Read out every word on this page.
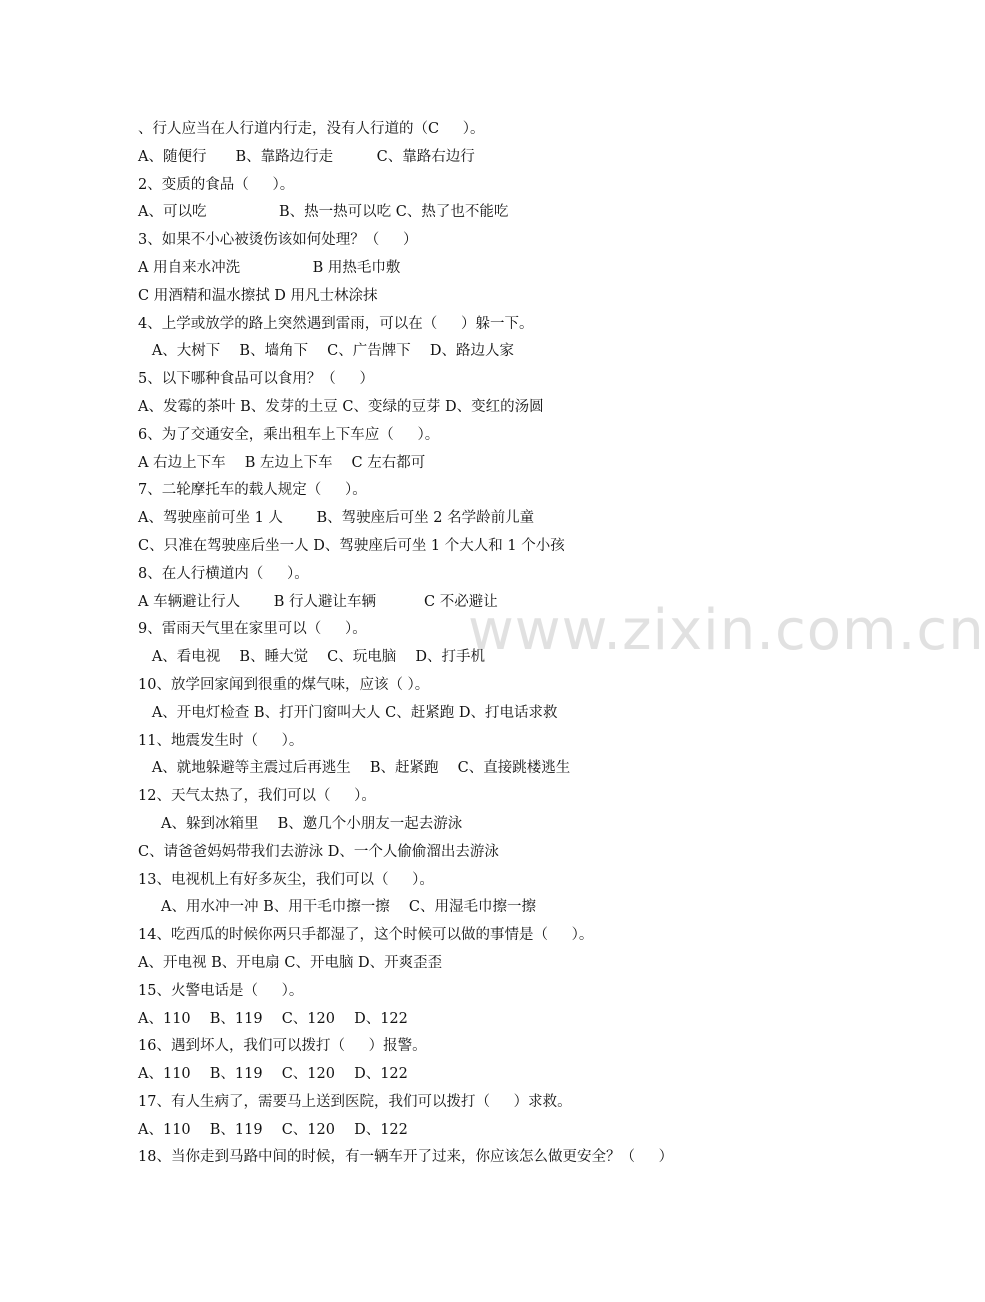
www.zixin.com.cn
、行人应当在人行道内行走，没有人行道的（C　  ）。
A、随便行　　B、靠路边行走　　　C、靠路右边行
2、变质的食品（　  ）。
A、可以吃　　　　　B、热一热可以吃 C、热了也不能吃
3、如果不小心被烫伤该如何处理？（　  ）
A 用自来水冲洗　　　　　B 用热毛巾敷
C 用酒精和温水擦拭 D 用凡士林涂抹
4、上学或放学的路上突然遇到雷雨，可以在（　  ）躲一下。
A、大树下　 B、墙角下　 C、广告牌下　 D、路边人家
5、以下哪种食品可以食用？（　  ）
A、发霉的茶叶 B、发芽的土豆 C、变绿的豆芽 D、变红的汤圆
6、为了交通安全，乘出租车上下车应（　  ）。
A 右边上下车　 B 左边上下车　 C 左右都可
7、二轮摩托车的载人规定（　  ）。
A、驾驶座前可坐 1 人　　 B、驾驶座后可坐 2 名学龄前儿童
C、只准在驾驶座后坐一人 D、驾驶座后可坐 1 个大人和 1 个小孩
8、在人行横道内（　  ）。
A 车辆避让行人　　 B 行人避让车辆　　　 C 不必避让
9、雷雨天气里在家里可以（　  ）。
A、看电视　 B、睡大觉　 C、玩电脑　 D、打手机
10、放学回家闻到很重的煤气味，应该（ ）。
A、开电灯检查 B、打开门窗叫大人 C、赶紧跑 D、打电话求救
11、地震发生时（　  ）。
A、就地躲避等主震过后再逃生　 B、赶紧跑　 C、直接跳楼逃生
12、天气太热了，我们可以（　  ）。
A、躲到冰箱里　 B、邀几个小朋友一起去游泳
C、请爸爸妈妈带我们去游泳 D、一个人偷偷溜出去游泳
13、电视机上有好多灰尘，我们可以（　  ）。
A、用水冲一冲 B、用干毛巾擦一擦　 C、用湿毛巾擦一擦
14、吃西瓜的时候你两只手都湿了，这个时候可以做的事情是（　  ）。
A、开电视 B、开电扇 C、开电脑 D、开爽歪歪
15、火警电话是（　  ）。
A、110　 B、119　 C、120　 D、122
16、遇到坏人，我们可以拨打（　  ）报警。
A、110　 B、119　 C、120　 D、122
17、有人生病了，需要马上送到医院，我们可以拨打（　  ）求救。
A、110　 B、119　 C、120　 D、122
18、当你走到马路中间的时候，有一辆车开了过来，你应该怎么做更安全？（　  ）
